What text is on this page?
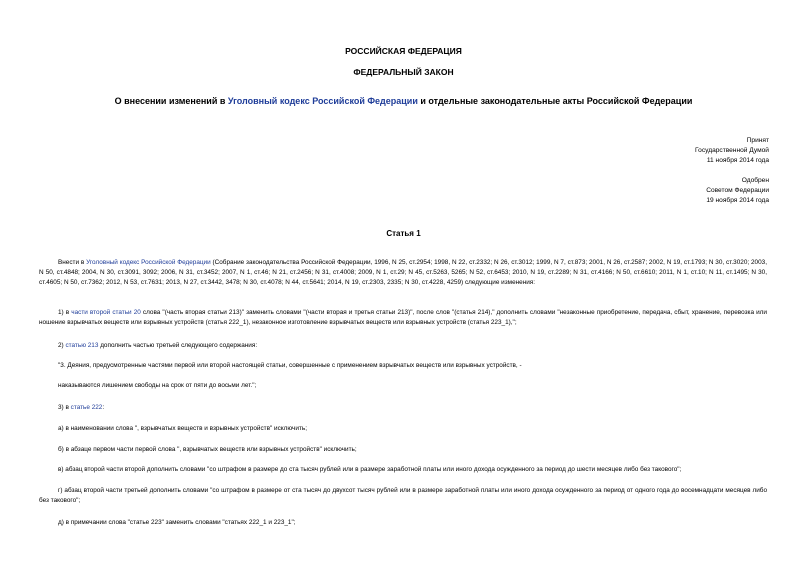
РОССИЙСКАЯ ФЕДЕРАЦИЯ
ФЕДЕРАЛЬНЫЙ ЗАКОН
О внесении изменений в Уголовный кодекс Российской Федерации и отдельные законодательные акты Российской Федерации
Принят
Государственной Думой
11 ноября 2014 года
Одобрен
Советом Федерации
19 ноября 2014 года
Статья 1
Внести в Уголовный кодекс Российской Федерации (Собрание законодательства Российской Федерации, 1996, N 25, ст.2954; 1998, N 22, ст.2332; N 26, ст.3012; 1999, N 7, ст.873; 2001, N 26, ст.2587; 2002, N 19, ст.1793; N 30, ст.3020; 2003, N 50, ст.4848; 2004, N 30, ст.3091, 3092; 2006, N 31, ст.3452; 2007, N 1, ст.46; N 21, ст.2456; N 31, ст.4008; 2009, N 1, ст.29; N 45, ст.5263, 5265; N 52, ст.6453; 2010, N 19, ст.2289; N 31, ст.4166; N 50, ст.6610; 2011, N 1, ст.10; N 11, ст.1495; N 30, ст.4605; N 50, ст.7362; 2012, N 53, ст.7631; 2013, N 27, ст.3442, 3478; N 30, ст.4078; N 44, ст.5641; 2014, N 19, ст.2303, 2335; N 30, ст.4228, 4259) следующие изменения:
1) в части второй статьи 20 слова "(часть вторая статьи 213)" заменить словами "(части вторая и третья статьи 213)", после слов "(статья 214)," дополнить словами "незаконные приобретение, передача, сбыт, хранение, перевозка или ношение взрывчатых веществ или взрывных устройств (статья 222_1), незаконное изготовление взрывчатых веществ или взрывных устройств (статья 223_1),";
2) статью 213 дополнить частью третьей следующего содержания:
"3. Деяния, предусмотренные частями первой или второй настоящей статьи, совершенные с применением взрывчатых веществ или взрывных устройств, -
наказываются лишением свободы на срок от пяти до восьми лет.";
3) в статье 222:
а) в наименовании слова ", взрывчатых веществ и взрывных устройств" исключить;
б) в абзаце первом части первой слова ", взрывчатых веществ или взрывных устройств" исключить;
в) абзац второй части второй дополнить словами "со штрафом в размере до ста тысяч рублей или в размере заработной платы или иного дохода осужденного за период до шести месяцев либо без такового";
г) абзац второй части третьей дополнить словами "со штрафом в размере от ста тысяч до двухсот тысяч рублей или в размере заработной платы или иного дохода осужденного за период от одного года до восемнадцати месяцев либо без такового";
д) в примечании слова "статье 223" заменить словами "статьях 222_1 и 223_1";
